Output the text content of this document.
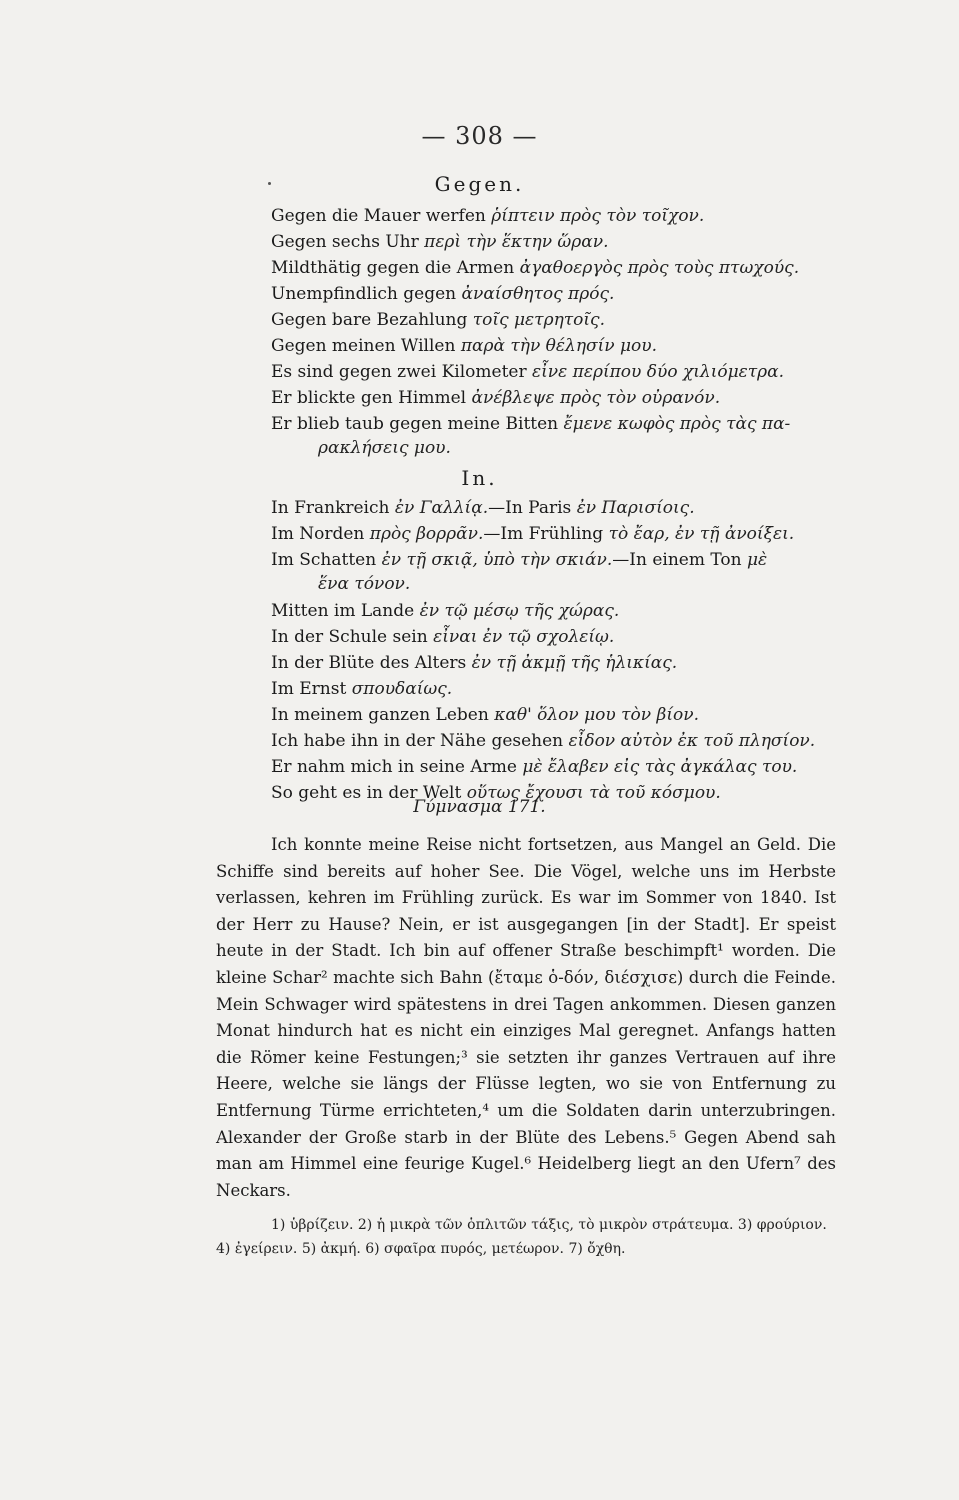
— 308 —
Gegen.
Gegen die Mauer werfen ῥίπτειν πρὸς τὸν τοῖχον.
Gegen sechs Uhr περὶ τὴν ἕκτην ὥραν.
Mildthätig gegen die Armen ἀγαθοεργὸς πρὸς τοὺς πτωχούς.
Unempfindlich gegen ἀναίσθητος πρός.
Gegen bare Bezahlung τοῖς μετρητοῖς.
Gegen meinen Willen παρὰ τὴν θέλησίν μου.
Es sind gegen zwei Kilometer εἶνε περίπου δύο χιλιόμετρα.
Er blickte gen Himmel ἀνέβλεψε πρὸς τὸν οὐρανόν.
Er blieb taub gegen meine Bitten ἔμενε κωφὸς πρὸς τὰς πα-
ρακλήσεις μου.
In.
In Frankreich ἐν Γαλλίᾳ.—In Paris ἐν Παρισίοις.
Im Norden πρὸς βορρᾶν.—Im Frühling τὸ ἔαρ, ἐν τῇ ἀνοίξει.
Im Schatten ἐν τῇ σκιᾷ, ὑπὸ τὴν σκιάν.—In einem Ton μὲ
ἕνα τόνον.
Mitten im Lande ἐν τῷ μέσῳ τῆς χώρας.
In der Schule sein εἶναι ἐν τῷ σχολείῳ.
In der Blüte des Alters ἐν τῇ ἀκμῇ τῆς ἡλικίας.
Im Ernst σπουδαίως.
In meinem ganzen Leben καθ' ὅλον μου τὸν βίον.
Ich habe ihn in der Nähe gesehen εἶδον αὐτὸν ἐκ τοῦ πλησίον.
Er nahm mich in seine Arme μὲ ἔλαβεν εἰς τὰς ἀγκάλας του.
So geht es in der Welt οὕτως ἔχουσι τὰ τοῦ κόσμου.
Γύμνασμα 171.
Ich konnte meine Reise nicht fortsetzen, aus Mangel an Geld. Die Schiffe sind bereits auf hoher See. Die Vögel, welche uns im Herbste verlassen, kehren im Frühling zurück. Es war im Sommer von 1840. Ist der Herr zu Hause? Nein, er ist ausgegangen [in der Stadt]. Er speist heute in der Stadt. Ich bin auf offener Straße beschimpft¹ worden. Die kleine Schar² machte sich Bahn (ἔταμε ὁ-δόν, διέσχισε) durch die Feinde. Mein Schwager wird spätestens in drei Tagen ankommen. Diesen ganzen Monat hindurch hat es nicht ein einziges Mal geregnet. Anfangs hatten die Römer keine Festungen;³ sie setzten ihr ganzes Vertrauen auf ihre Heere, welche sie längs der Flüsse legten, wo sie von Entfernung zu Entfernung Türme errichteten,⁴ um die Soldaten darin unterzubringen. Alexander der Große starb in der Blüte des Lebens.⁵ Gegen Abend sah man am Himmel eine feurige Kugel.⁶ Heidelberg liegt an den Ufern⁷ des Neckars.
1) ὑβρίζειν. 2) ἡ μικρὰ τῶν ὁπλιτῶν τάξις, τὸ μικρὸν στράτευμα. 3) φρούριον. 4) ἐγείρειν. 5) ἀκμή. 6) σφαῖρα πυρός, μετέωρον. 7) ὄχθη.
